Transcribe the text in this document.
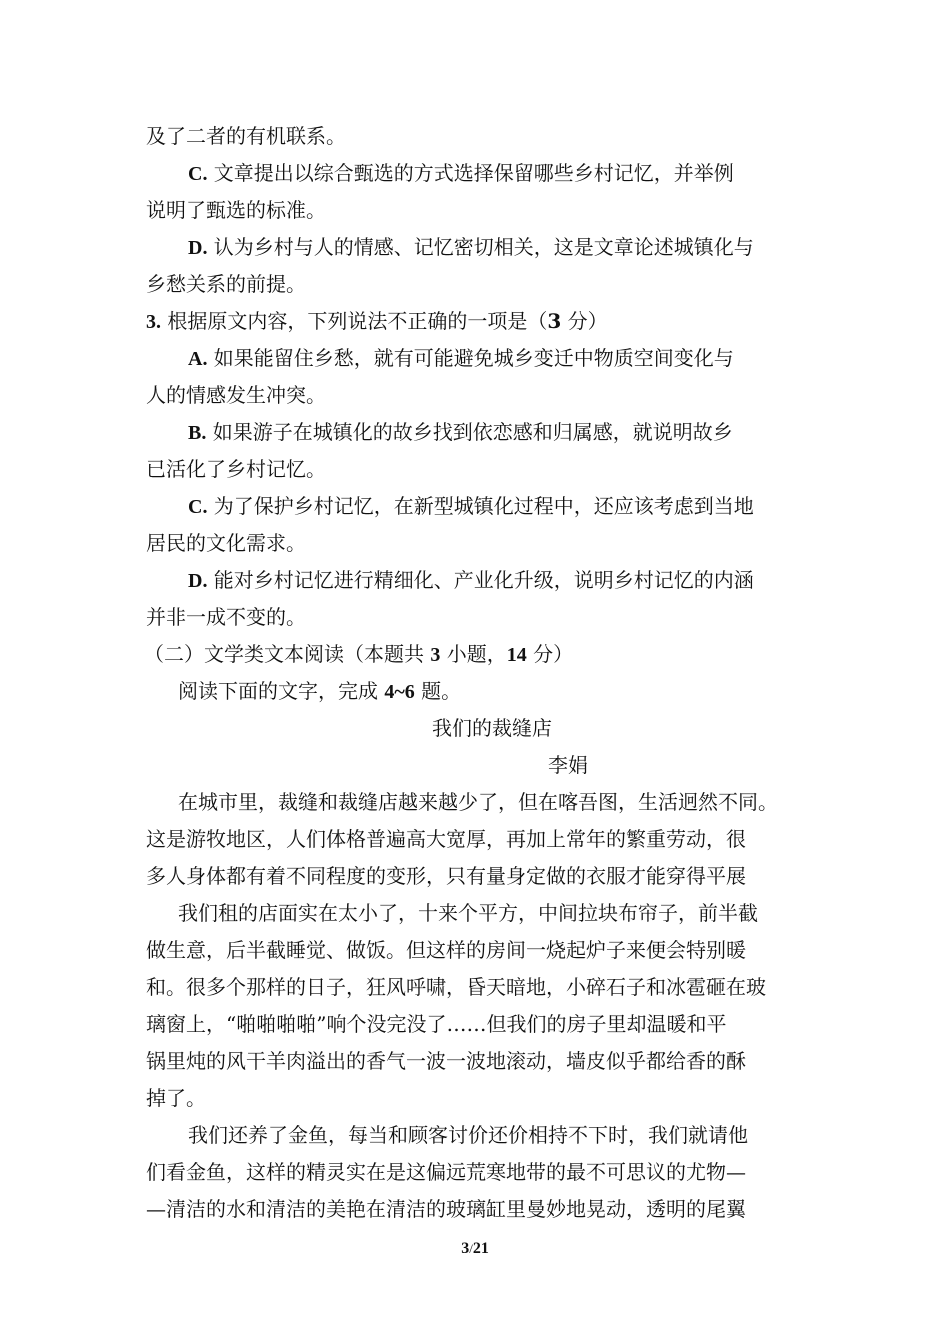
及了二者的有机联系。
C. 文章提出以综合甄选的方式选择保留哪些乡村记忆，并举例
说明了甄选的标准。
D. 认为乡村与人的情感、记忆密切相关，这是文章论述城镇化与
乡愁关系的前提。
3. 根据原文内容，下列说法不正确的一项是（3 分）
A. 如果能留住乡愁，就有可能避免城乡变迁中物质空间变化与
人的情感发生冲突。
B. 如果游子在城镇化的故乡找到依恋感和归属感，就说明故乡
已活化了乡村记忆。
C. 为了保护乡村记忆，在新型城镇化过程中，还应该考虑到当地
居民的文化需求。
D. 能对乡村记忆进行精细化、产业化升级，说明乡村记忆的内涵
并非一成不变的。
（二）文学类文本阅读（本题共 3 小题，14 分）
阅读下面的文字，完成 4~6 题。
我们的裁缝店
李娟
在城市里，裁缝和裁缝店越来越少了，但在喀吾图，生活迥然不同。
这是游牧地区，人们体格普遍高大宽厚，再加上常年的繁重劳动，很
多人身体都有着不同程度的变形，只有量身定做的衣服才能穿得平展
我们租的店面实在太小了，十来个平方，中间拉块布帘子，前半截
做生意，后半截睡觉、做饭。但这样的房间一烧起炉子来便会特别暖
和。很多个那样的日子，狂风呼啸，昏天暗地，小碎石子和冰雹砸在玻
璃窗上，“啪啪啪啪”响个没完没了……但我们的房子里却温暖和平
锅里炖的风干羊肉溢出的香气一波一波地滚动，墙皮似乎都给香的酥
掉了。
我们还养了金鱼，每当和顾客讨价还价相持不下时，我们就请他
们看金鱼，这样的精灵实在是这偏远荒寒地带的最不可思议的尤物—
—清洁的水和清洁的美艳在清洁的玻璃缸里曼妙地晃动，透明的尾翼
3/21
